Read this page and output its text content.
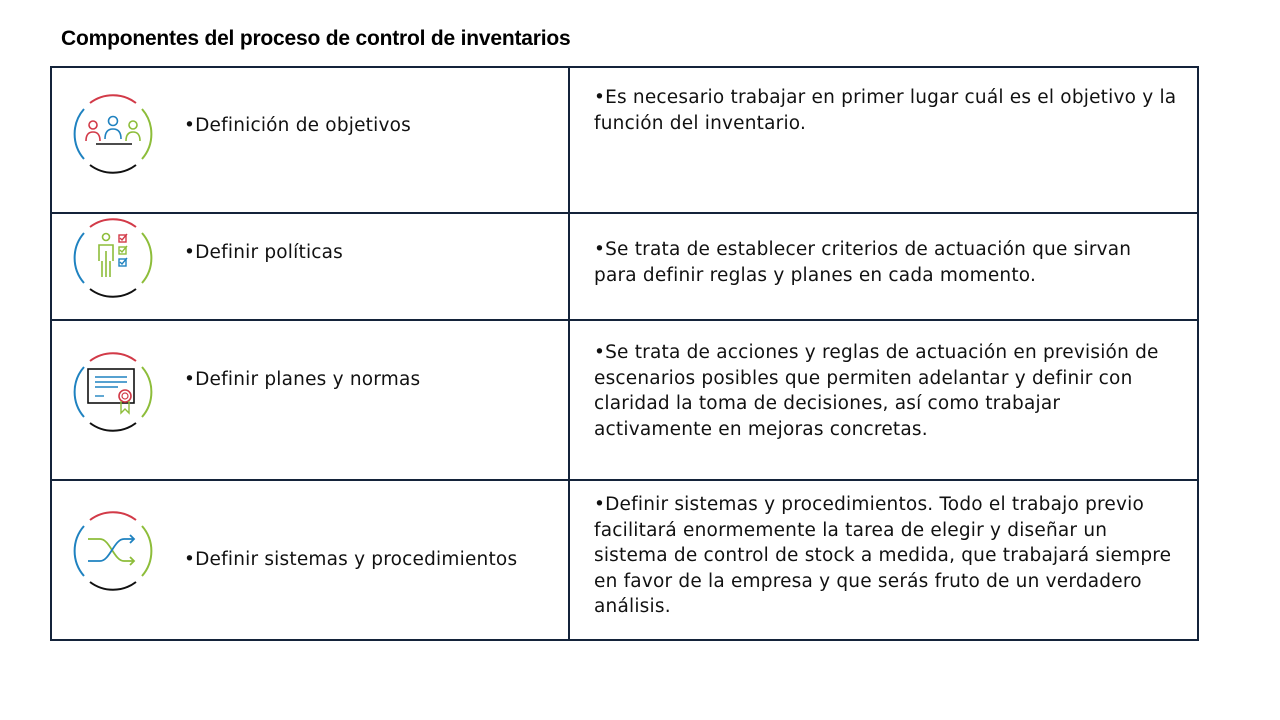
Componentes del proceso de control de inventarios
•Definición de objetivos
•Es necesario trabajar en primer lugar cuál es el objetivo y la función del inventario.
•Definir políticas	•Se trata de establecer criterios de actuación que sirvan para definir reglas y planes en cada momento.
•Definir planes y normas
•Se trata de acciones y reglas de actuación en previsión de escenarios posibles que permiten adelantar y definir con claridad la toma de decisiones, así como trabajar activamente en mejoras concretas.
•Definir sistemas y procedimientos
•Definir sistemas y procedimientos. Todo el trabajo previo facilitará enormemente la tarea de elegir y diseñar un sistema de control de stock a medida, que trabajará siempre en favor de la empresa y que serás fruto de un verdadero análisis.
